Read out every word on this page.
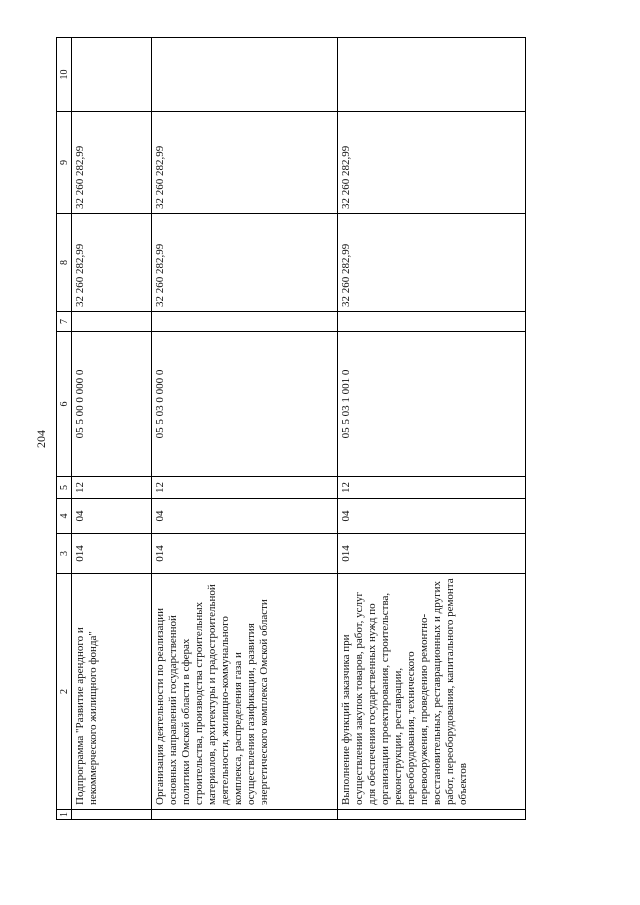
204
1	2	3	4	5	6	7	8	9	10
	Подпрограмма "Развитие арендного и некоммерческого жилищного фонда"	014	04	12	05 5 00 0 000 0		32 260 282,99	32 260 282,99	
	Организация деятельности по реализации основных направлений государственной политики Омской области в сферах строительства, производства строительных материалов, архитектуры и градостроительной деятельности, жилищно-коммунального комплекса, распределения газа и осуществления газификации, развития энергетического комплекса Омской области	014	04	12	05 5 03 0 000 0		32 260 282,99	32 260 282,99	
	Выполнение функций заказчика при осуществлении закупок товаров, работ, услуг для обеспечения государственных нужд по организации проектирования, строительства, реконструкции, реставрации, переоборудования, технического перевооружения, проведению ремонтно-восстановительных, реставрационных и других работ, переоборудования, капитального ремонта объектов	014	04	12	05 5 03 1 001 0		32 260 282,99	32 260 282,99	
